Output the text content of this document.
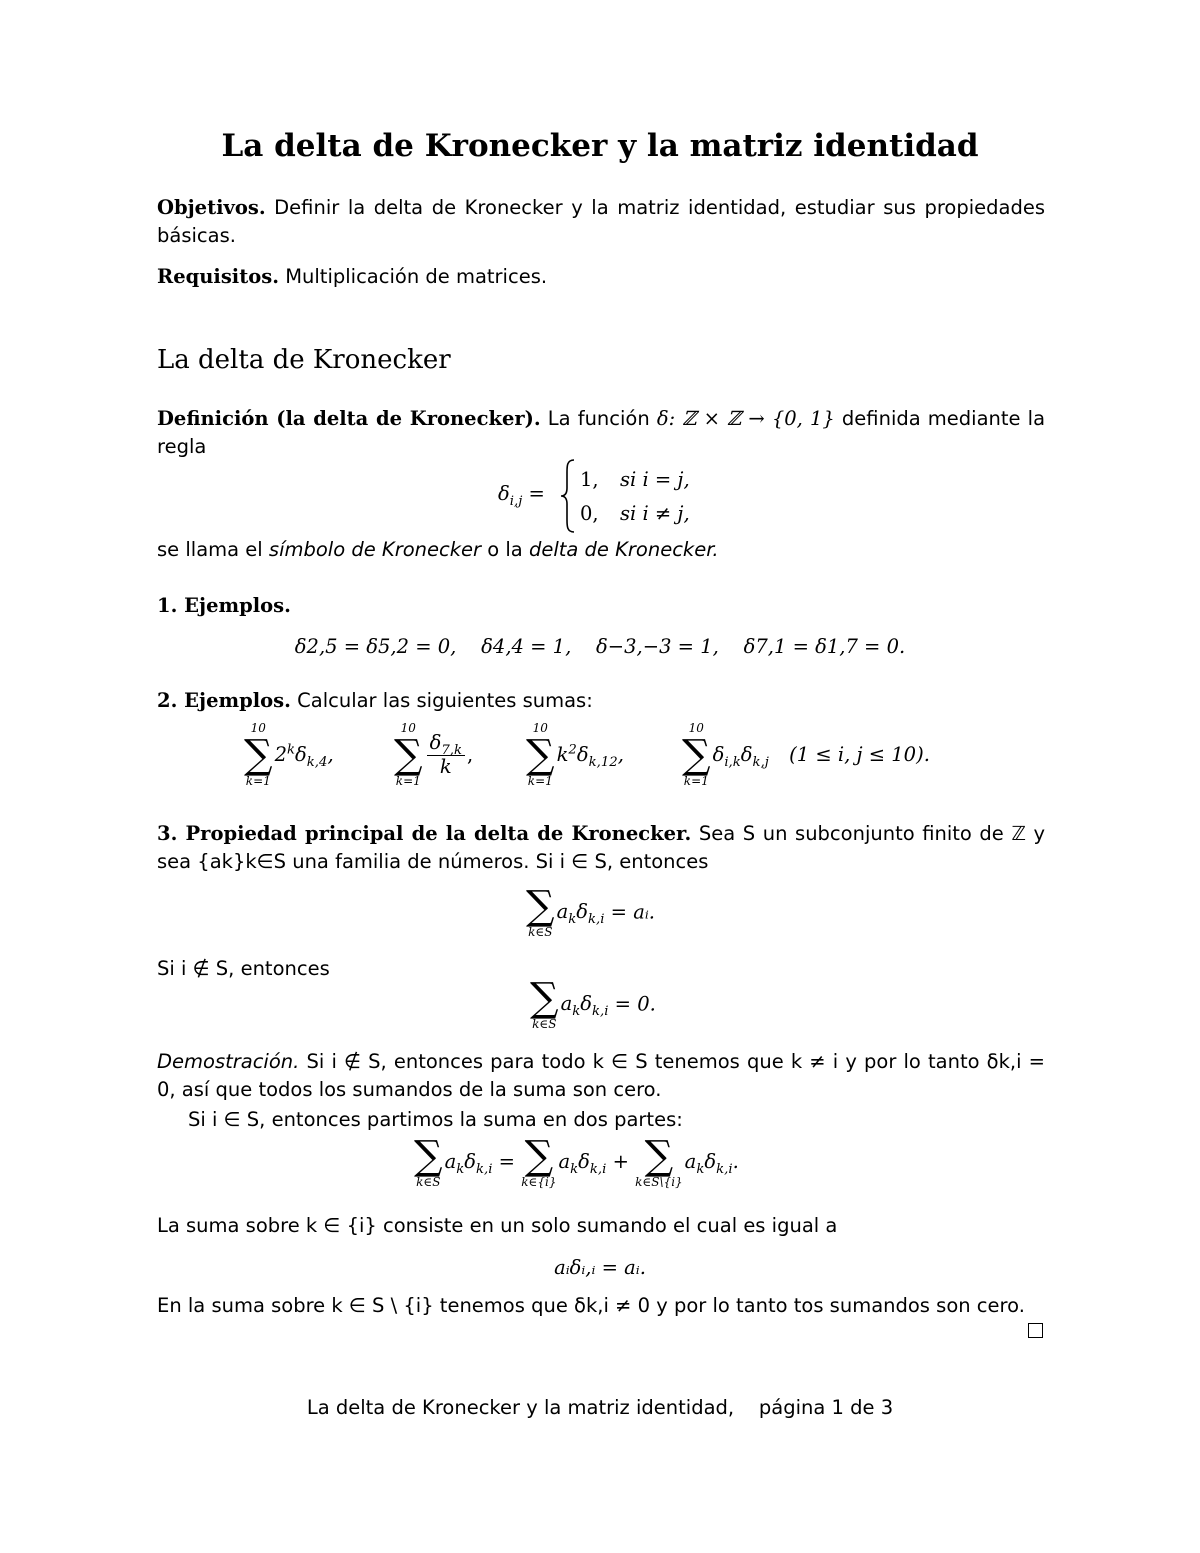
La delta de Kronecker y la matriz identidad
Objetivos. Definir la delta de Kronecker y la matriz identidad, estudiar sus propiedades básicas.
Requisitos. Multiplicación de matrices.
La delta de Kronecker
Definición (la delta de Kronecker). La función δ: ℤ × ℤ → {0, 1} definida mediante la regla
$\delta_{i,j}$ =
1, si i = j,
0, si i ≠ j,
se llama el símbolo de Kronecker o la delta de Kronecker.
1. Ejemplos.
δ2,5 = δ5,2 = 0,    δ4,4 = 1,    δ−3,−3 = 1,    δ7,1 = δ1,7 = 0.
2. Ejemplos. Calcular las siguientes sumas:
10
∑
k=1
$2^k\delta_{k,4}$,
10
∑
k=1
$\frac{\delta_{7,k}}{k}$ ,
10
∑
k=1
$k^2\delta_{k,12}$,
10
∑
k=1
$\delta_{i,k}\delta_{k,j}$ (1 ≤ i, j ≤ 10).
3. Propiedad principal de la delta de Kronecker. Sea S un subconjunto finito de ℤ y sea {ak}k∈S una familia de números. Si i ∈ S, entonces
∑
k∈S
$a_k\delta_{k,i}$ = aᵢ.
Si i ∉ S, entonces
∑
k∈S
$a_k\delta_{k,i} = 0$.
Demostración. Si i ∉ S, entonces para todo k ∈ S tenemos que k ≠ i y por lo tanto δk,i = 0, así que todos los sumandos de la suma son cero.
Si i ∈ S, entonces partimos la suma en dos partes:
∑
k∈S
$a_k\delta_{k,i}$ = ∑
k∈{i}
$a_k\delta_{k,i}$ + ∑
k∈S\{i}
$a_k\delta_{k,i}$.
La suma sobre k ∈ {i} consiste en un solo sumando el cual es igual a
aᵢδᵢ,ᵢ = aᵢ.
En la suma sobre k ∈ S \ {i} tenemos que δk,i ≠ 0 y por lo tanto tos sumandos son cero.
La delta de Kronecker y la matriz identidad,    página 1 de 3
